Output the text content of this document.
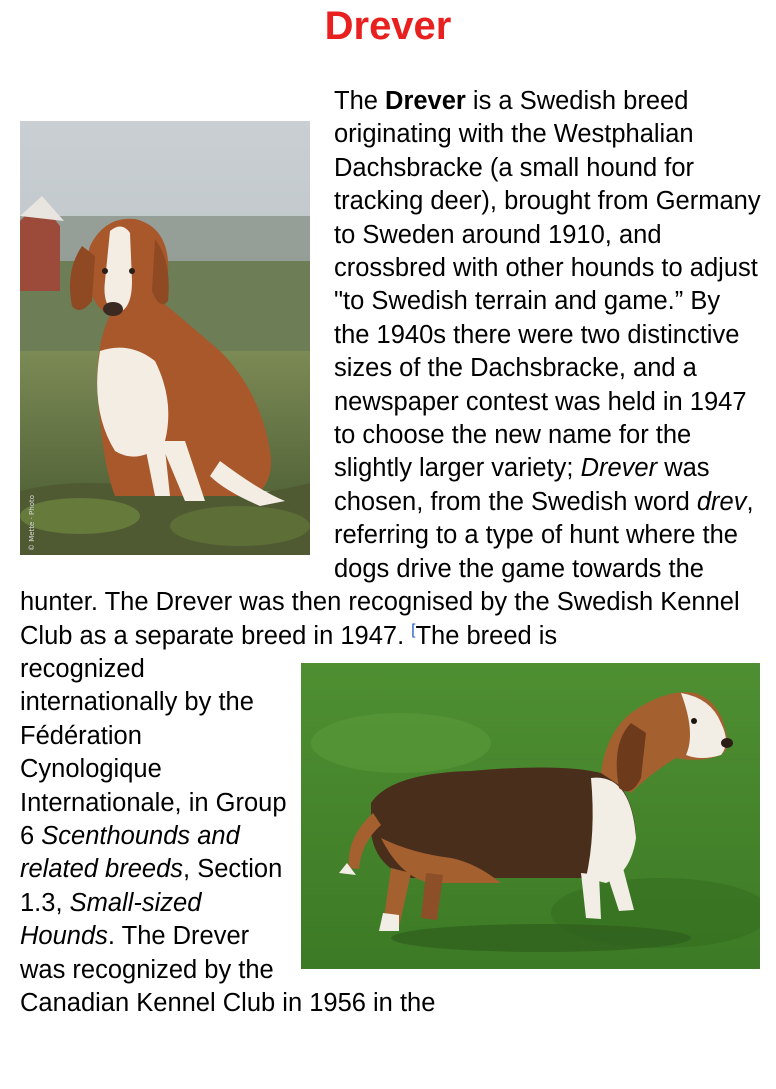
Drever
© Mette · Photo

The Drever is a Swedish breed originating with the Westphalian Dachsbracke (a small hound for tracking deer), brought from Germany to Sweden around 1910, and crossbred with other hounds to adjust "to Swedish terrain and game.” By the 1940s there were two distinctive sizes of the Dachsbracke, and a newspaper contest was held in 1947 to choose the new name for the slightly larger variety; Drever was chosen, from the Swedish word drev, referring to a type of hunt where the dogs drive the game towards the hunter. The Drever was then recognised by the Swedish Kennel Club as a separate breed in 1947. [The breed is

recognized internationally by the Fédération Cynologique Internationale, in Group 6 Scenthounds and related breeds, Section 1.3, Small-sized Hounds. The Drever was recognized by the Canadian Kennel Club in 1956 in the
